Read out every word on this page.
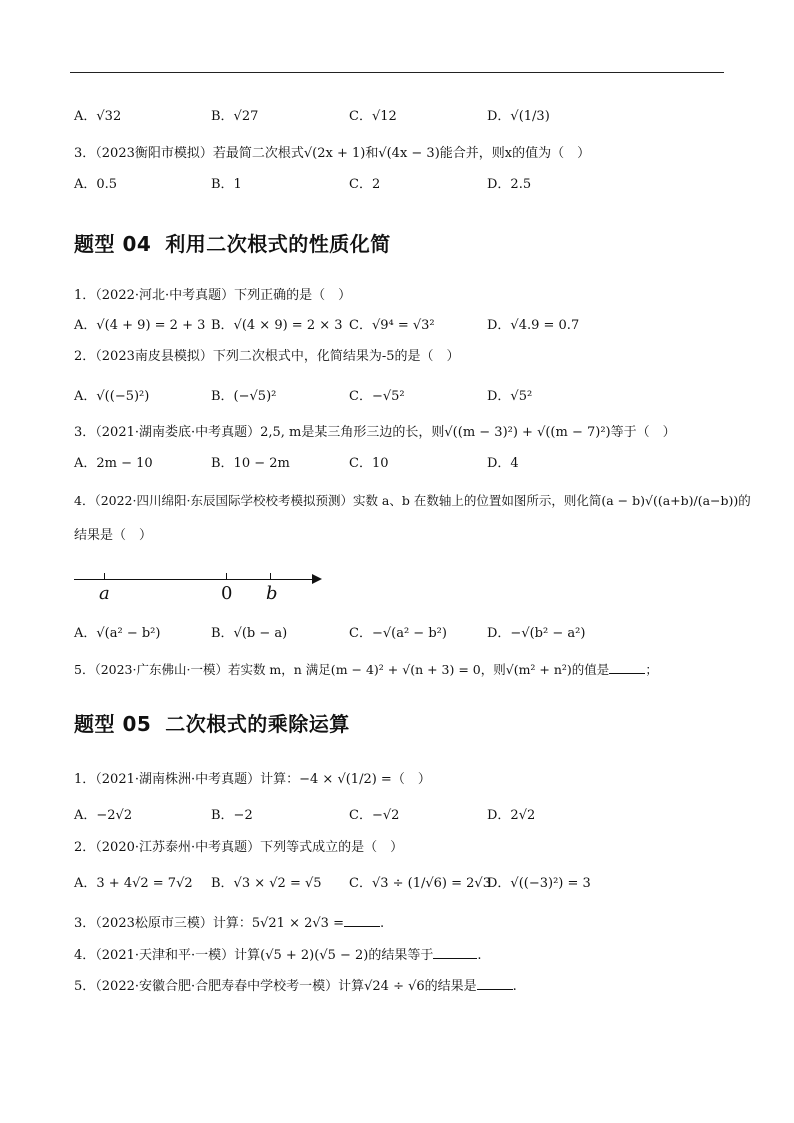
A．√32	B．√27	C．√12	D．√(1/3)
3．（2023衡阳市模拟）若最简二次根式√(2x + 1)和√(4x − 3)能合并，则x的值为（　）
A．0.5	B．1	C．2	D．2.5
题型 04 利用二次根式的性质化简
1．（2022·河北·中考真题）下列正确的是（　）
A．√(4 + 9) = 2 + 3 B．√(4 × 9) = 2 × 3 C．√9⁴ = √3²	D．√4.9 = 0.7
2．（2023南皮县模拟）下列二次根式中，化简结果为-5的是（　）
A．√((−5)²)	B．(−√5)²	C．−√5²	D．√5²
3．（2021·湖南娄底·中考真题）2,5, m是某三角形三边的长，则√((m − 3)²) + √((m − 7)²)等于（　）
A．2m − 10	B．10 − 2m	C．10	D．4
4．（2022·四川绵阳·东辰国际学校校考模拟预测）实数 a、b 在数轴上的位置如图所示，则化简(a − b)√((a+b)/(a−b))的
结果是（　）
a	0 b
A．√(a² − b²)	B．√(b − a)	C．−√(a² − b²)	D．−√(b² − a²)
5．（2023·广东佛山·一模）若实数 m，n 满足(m − 4)² + √(n + 3) = 0，则√(m² + n²)的值是	；
题型 05 二次根式的乘除运算
1．（2021·湖南株洲·中考真题）计算：−4 × √(1/2) =（　）
A．−2√2	B．−2	C．−√2	D．2√2
2．（2020·江苏泰州·中考真题）下列等式成立的是（　）
A．3 + 4√2 = 7√2 B．√3 × √2 = √5 C．√3 ÷ (1/√6) = 2√3
D．√((−3)²) = 3
3．（2023松原市三模）计算：5√21 × 2√3 =	.
4．（2021·天津和平·一模）计算(√5 + 2)(√5 − 2)的结果等于	.
5．（2022·安徽合肥·合肥寿春中学校考一模）计算√24 ÷ √6的结果是	.
